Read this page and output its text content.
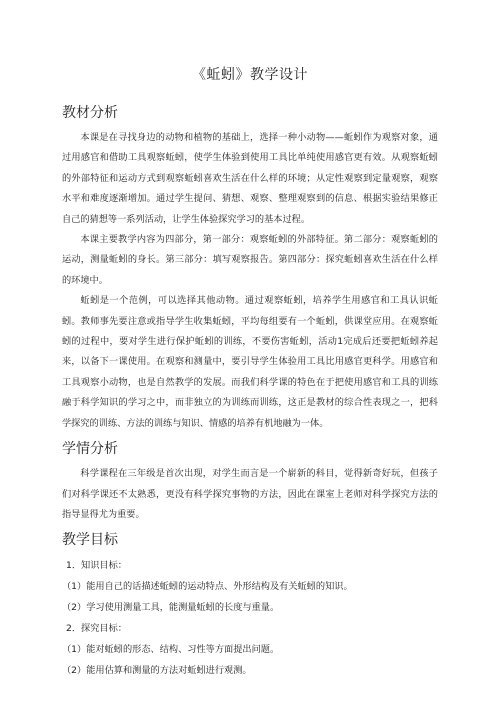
《蚯蚓》教学设计
教材分析

本课是在寻找身边的动物和植物的基础上，选择一种小动物——蚯蚓作为观察对象，通过用感官和借助工具观察蚯蚓，使学生体验到使用工具比单纯使用感官更有效。从观察蚯蚓的外部特征和运动方式到观察蚯蚓喜欢生活在什么样的环境；从定性观察到定量观察，观察水平和难度逐渐增加。通过学生提问、猜想、观察、整理观察到的信息、根据实验结果修正自己的猜想等一系列活动，让学生体验探究学习的基本过程。

本课主要教学内容为四部分，第一部分：观察蚯蚓的外部特征。第二部分：观察蚯蚓的运动，测量蚯蚓的身长。第三部分：填写观察报告。第四部分：探究蚯蚓喜欢生活在什么样的环境中。

蚯蚓是一个范例，可以选择其他动物。通过观察蚯蚓，培养学生用感官和工具认识蚯蚓。教师事先要注意或指导学生收集蚯蚓，平均每组要有一个蚯蚓，供课堂应用。在观察蚯蚓的过程中，要对学生进行保护蚯蚓的训练，不要伤害蚯蚓，活动1完成后还要把蚯蚓养起来，以备下一课使用。在观察和测量中，要引导学生体验用工具比用感官更科学。用感官和工具观察小动物，也是自然教学的发展。而我们科学课的特色在于把使用感官和工具的训练融于科学知识的学习之中，而非独立的为训练而训练，这正是教材的综合性表现之一，把科学探究的训练、方法的训练与知识、情感的培养有机地融为一体。

学情分析

科学课程在三年级是首次出现，对学生而言是一个崭新的科目，觉得新奇好玩，但孩子们对科学课还不太熟悉，更没有科学探究事物的方法，因此在课室上老师对科学探究方法的指导显得尤为重要。

教学目标
1．知识目标：
（1）能用自己的话描述蚯蚓的运动特点、外形结构及有关蚯蚓的知识。
（2）学习使用测量工具，能测量蚯蚓的长度与重量。
2．探究目标：
（1）能对蚯蚓的形态、结构、习性等方面提出问题。
（2）能用估算和测量的方法对蚯蚓进行观测。
